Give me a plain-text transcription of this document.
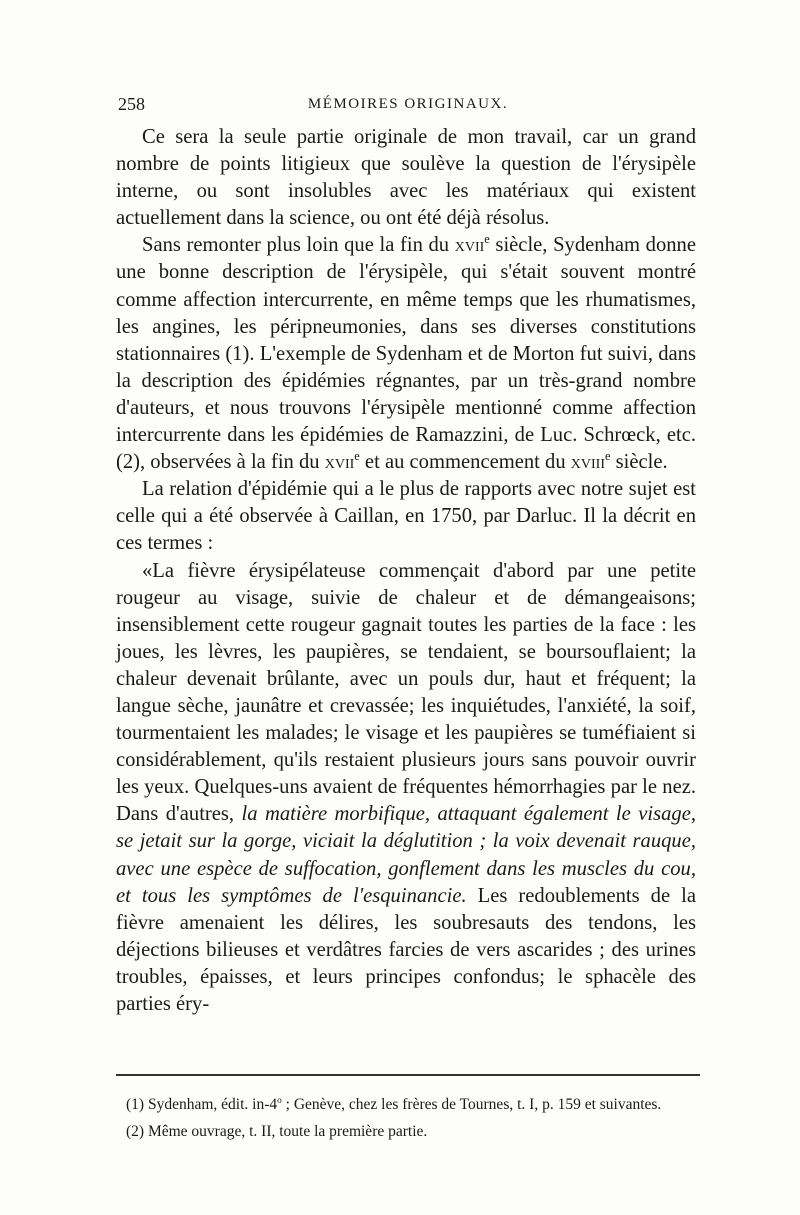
258	MÉMOIRES ORIGINAUX.

Ce sera la seule partie originale de mon travail, car un grand nombre de points litigieux que soulève la question de l'érysipèle interne, ou sont insolubles avec les matériaux qui existent actuellement dans la science, ou ont été déjà résolus.

Sans remonter plus loin que la fin du xvii$^e$ siècle, Sydenham donne une bonne description de l'érysipèle, qui s'était souvent montré comme affection intercurrente, en même temps que les rhumatismes, les angines, les péripneumonies, dans ses diverses constitutions stationnaires (1). L'exemple de Sydenham et de Morton fut suivi, dans la description des épidémies régnantes, par un très-grand nombre d'auteurs, et nous trouvons l'érysipèle mentionné comme affection intercurrente dans les épidémies de Ramazzini, de Luc. Schrœck, etc. (2), observées à la fin du xvii$^e$ et au commencement du xviii$^e$ siècle.

La relation d'épidémie qui a le plus de rapports avec notre sujet est celle qui a été observée à Caillan, en 1750, par Darluc. Il la décrit en ces termes :

«La fièvre érysipélateuse commençait d'abord par une petite rougeur au visage, suivie de chaleur et de démangeaisons; insensiblement cette rougeur gagnait toutes les parties de la face : les joues, les lèvres, les paupières, se tendaient, se boursouflaient; la chaleur devenait brûlante, avec un pouls dur, haut et fréquent; la langue sèche, jaunâtre et crevassée; les inquiétudes, l'anxiété, la soif, tourmentaient les malades; le visage et les paupières se tuméfiaient si considérablement, qu'ils restaient plusieurs jours sans pouvoir ouvrir les yeux. Quelques-uns avaient de fréquentes hémorrhagies par le nez. Dans d'autres, la matière morbifique, attaquant également le visage, se jetait sur la gorge, viciait la déglutition ; la voix devenait rauque, avec une espèce de suffocation, gonflement dans les muscles du cou, et tous les symptômes de l'esquinancie. Les redoublements de la fièvre amenaient les délires, les soubresauts des tendons, les déjections bilieuses et verdâtres farcies de vers ascarides ; des urines troubles, épaisses, et leurs principes confondus; le sphacèle des parties éry-

(1) Sydenham, édit. in-4$^o$ ; Genève, chez les frères de Tournes, t. I, p. 159 et suivantes.

(2) Même ouvrage, t. II, toute la première partie.
